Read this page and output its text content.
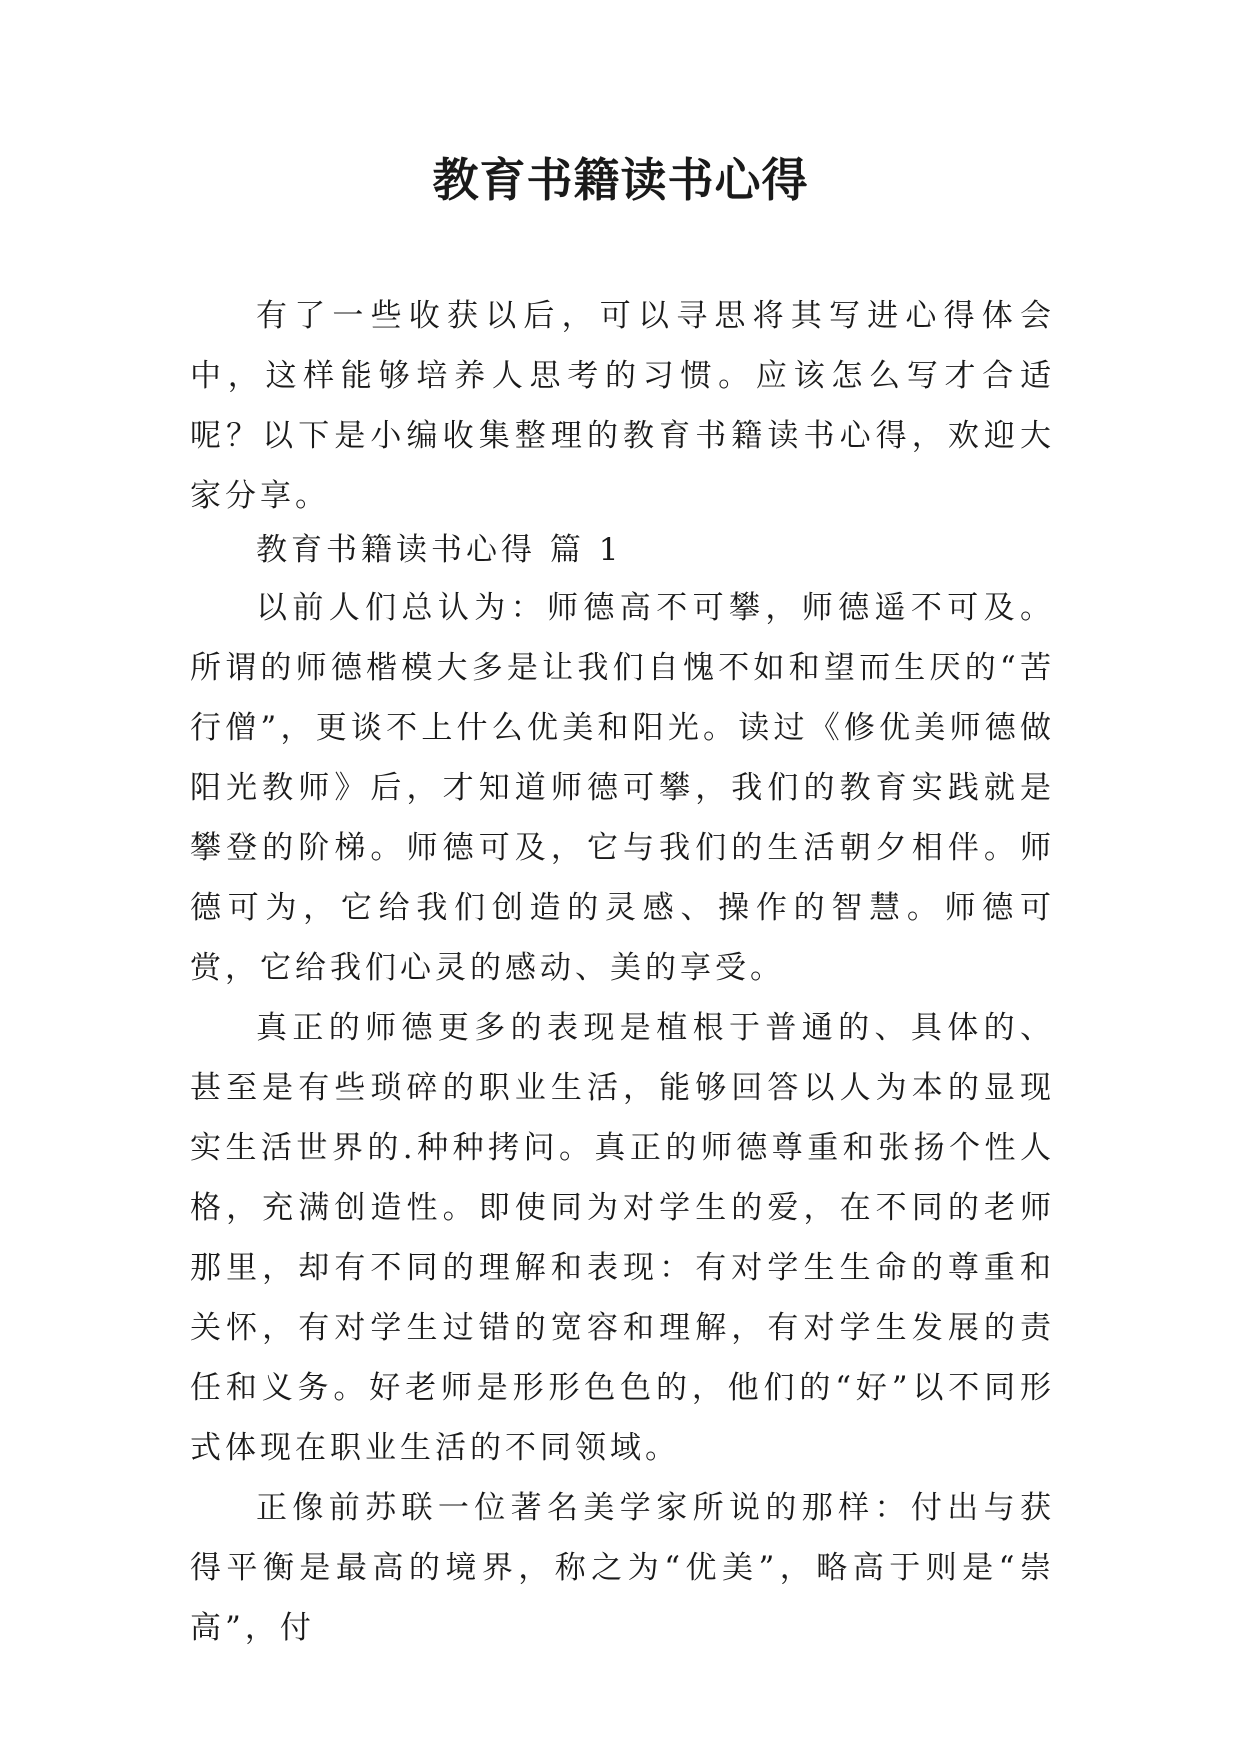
教育书籍读书心得

有了一些收获以后，可以寻思将其写进心得体会中，这样能够培养人思考的习惯。应该怎么写才合适呢？以下是小编收集整理的教育书籍读书心得，欢迎大家分享。

教育书籍读书心得 篇 1

以前人们总认为：师德高不可攀，师德遥不可及。所谓的师德楷模大多是让我们自愧不如和望而生厌的“苦行僧”，更谈不上什么优美和阳光。读过《修优美师德做阳光教师》后，才知道师德可攀，我们的教育实践就是攀登的阶梯。师德可及，它与我们的生活朝夕相伴。师德可为，它给我们创造的灵感、操作的智慧。师德可赏，它给我们心灵的感动、美的享受。

真正的师德更多的表现是植根于普通的、具体的、甚至是有些琐碎的职业生活，能够回答以人为本的显现实生活世界的.种种拷问。真正的师德尊重和张扬个性人格，充满创造性。即使同为对学生的爱，在不同的老师那里，却有不同的理解和表现：有对学生生命的尊重和关怀，有对学生过错的宽容和理解，有对学生发展的责任和义务。好老师是形形色色的，他们的“好”以不同形式体现在职业生活的不同领域。

正像前苏联一位著名美学家所说的那样：付出与获得平衡是最高的境界，称之为“优美”，略高于则是“崇高”，付
